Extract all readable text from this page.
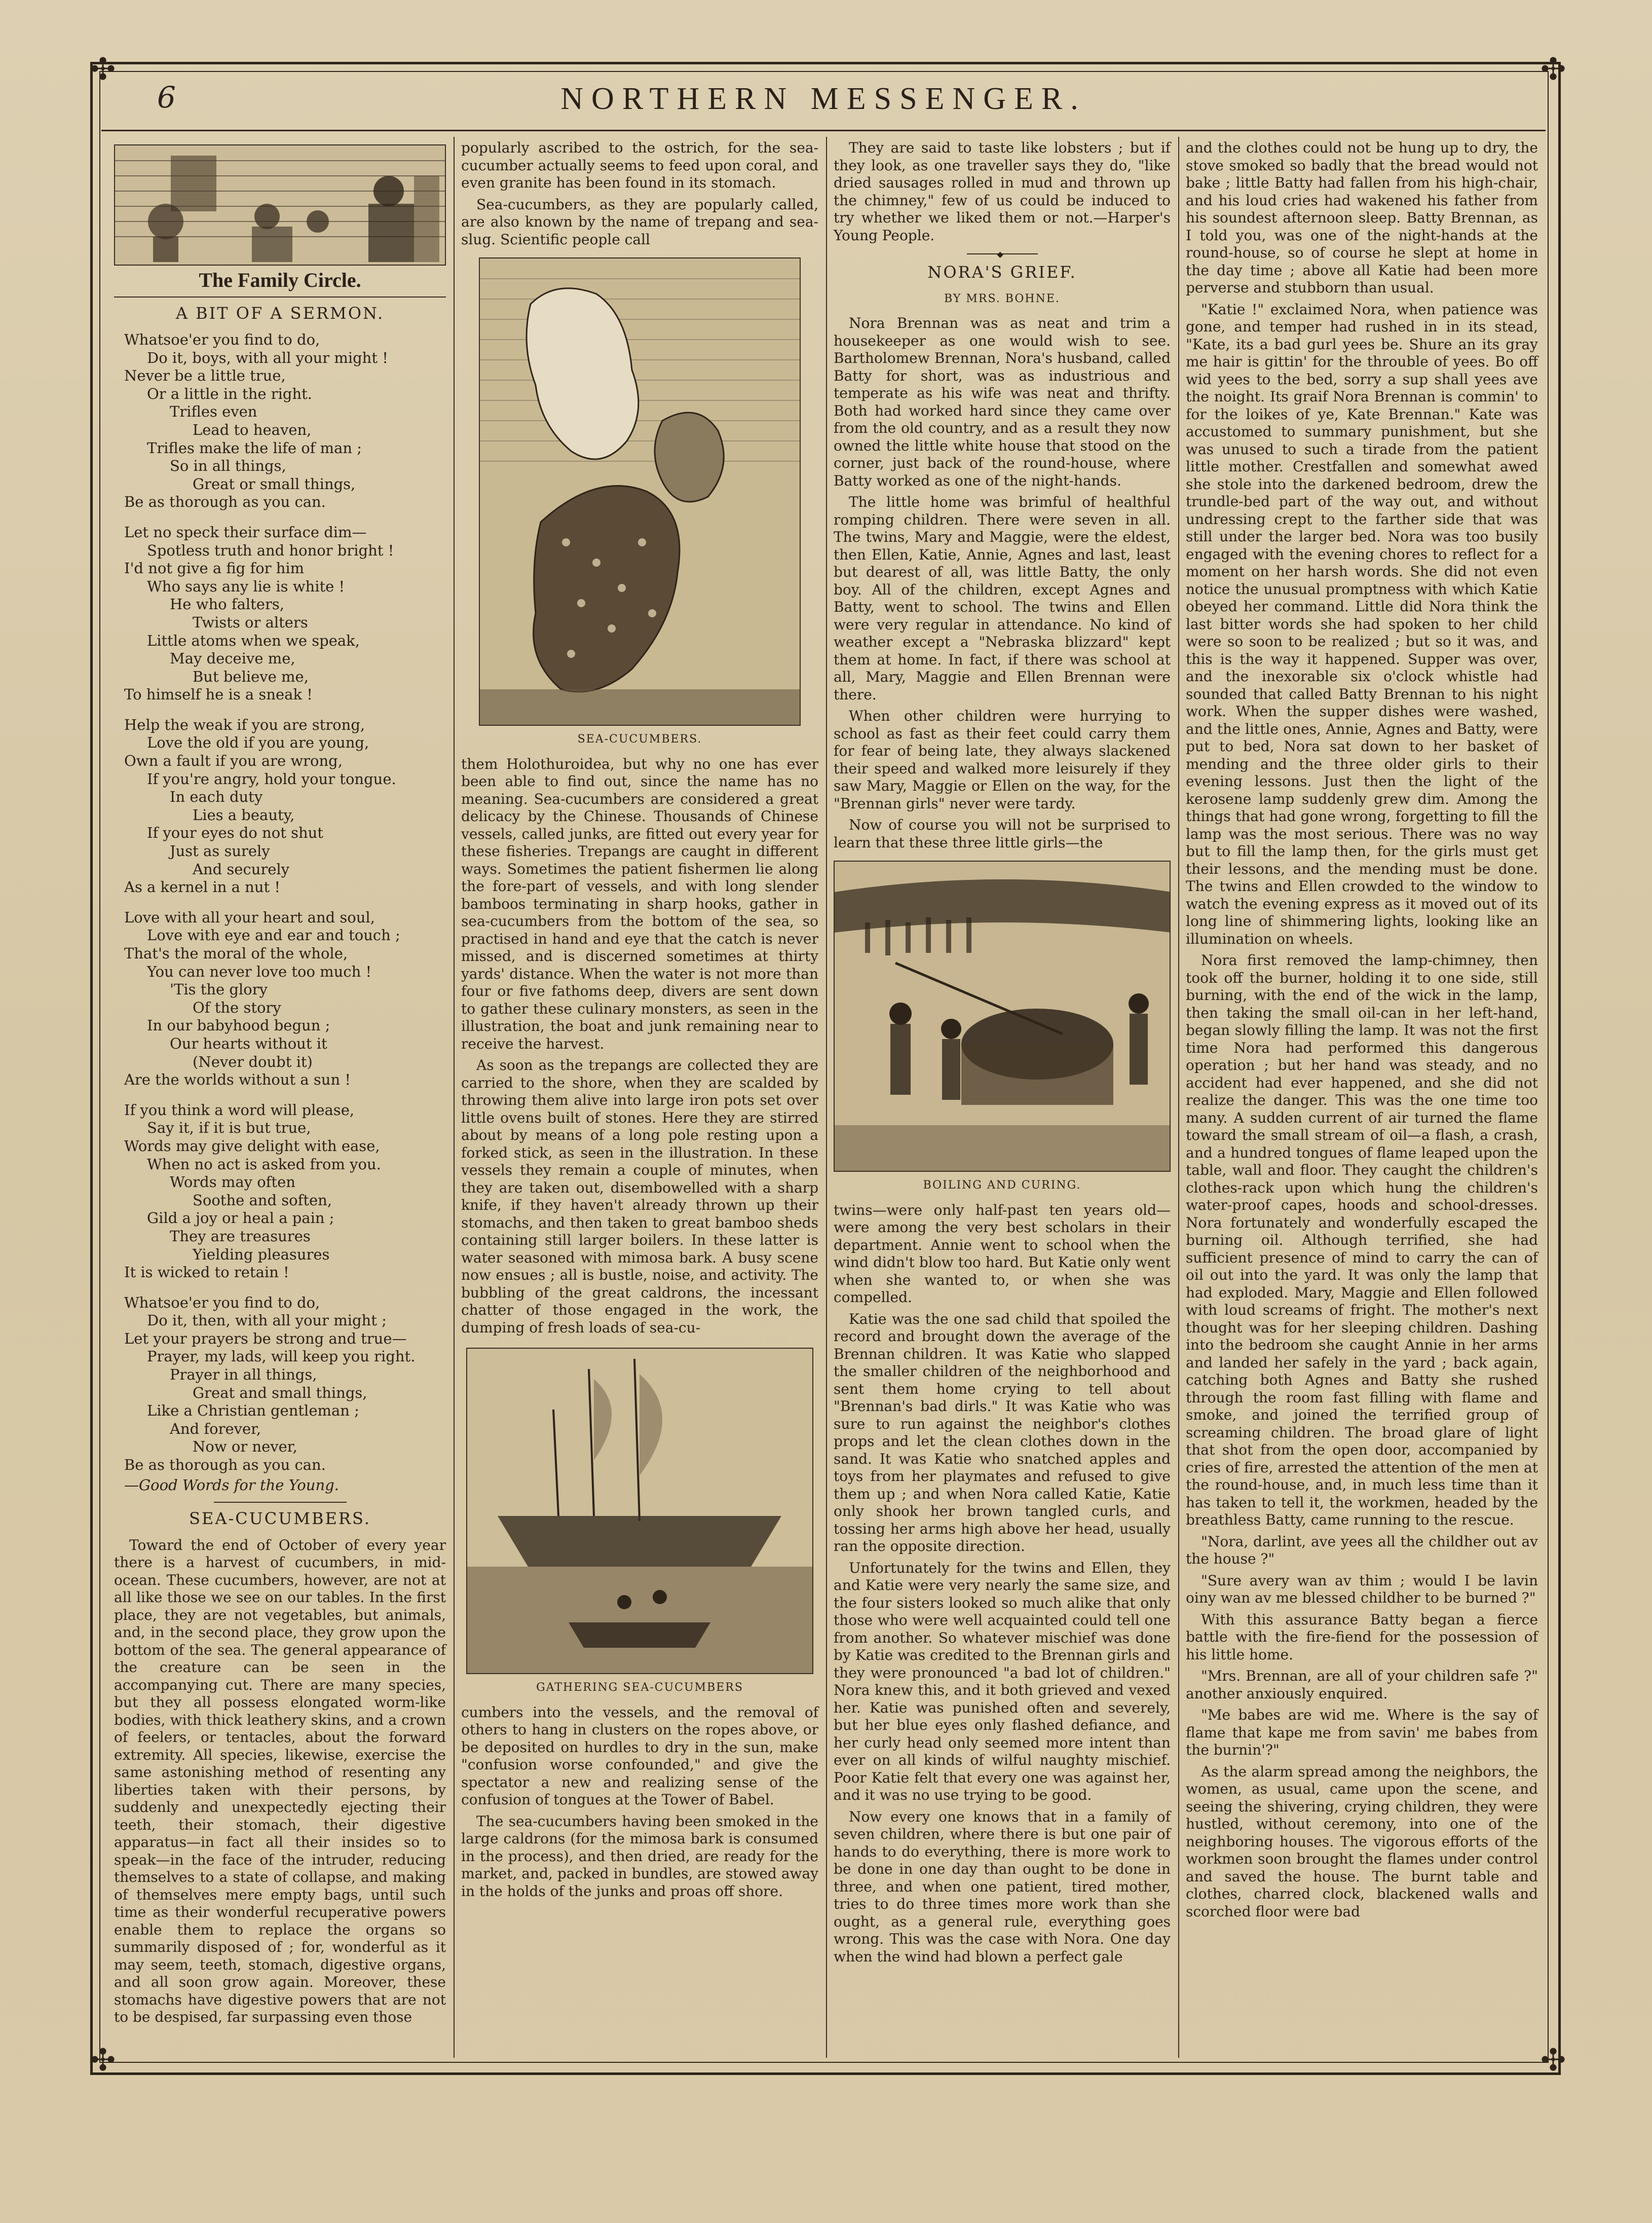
✣	✣
✣	✣
6	NORTHERN MESSENGER.
The Family Circle.
A BIT OF A SERMON.
Whatsoe'er you find to do,
Do it, boys, with all your might !
Never be a little true,
Or a little in the right.
Trifles even
Lead to heaven,
Trifles make the life of man ;
So in all things,
Great or small things,
Be as thorough as you can.
Let no speck their surface dim—
Spotless truth and honor bright !
I'd not give a fig for him
Who says any lie is white !
He who falters,
Twists or alters
Little atoms when we speak,
May deceive me,
But believe me,
To himself he is a sneak !
Help the weak if you are strong,
Love the old if you are young,
Own a fault if you are wrong,
If you're angry, hold your tongue.
In each duty
Lies a beauty,
If your eyes do not shut
Just as surely
And securely
As a kernel in a nut !
Love with all your heart and soul,
Love with eye and ear and touch ;
That's the moral of the whole,
You can never love too much !
'Tis the glory
Of the story
In our babyhood begun ;
Our hearts without it
(Never doubt it)
Are the worlds without a sun !
If you think a word will please,
Say it, if it is but true,
Words may give delight with ease,
When no act is asked from you.
Words may often
Soothe and soften,
Gild a joy or heal a pain ;
They are treasures
Yielding pleasures
It is wicked to retain !
Whatsoe'er you find to do,
Do it, then, with all your might ;
Let your prayers be strong and true—
Prayer, my lads, will keep you right.
Prayer in all things,
Great and small things,
Like a Christian gentleman ;
And forever,
Now or never,
Be as thorough as you can.
—Good Words for the Young.
SEA-CUCUMBERS.

Toward the end of October of every year there is a harvest of cucumbers, in mid-ocean. These cucumbers, however, are not at all like those we see on our tables. In the first place, they are not vegetables, but animals, and, in the second place, they grow upon the bottom of the sea. The general appearance of the creature can be seen in the accompanying cut. There are many species, but they all possess elongated worm-like bodies, with thick leathery skins, and a crown of feelers, or tentacles, about the forward extremity. All species, likewise, exercise the same astonishing method of resenting any liberties taken with their persons, by suddenly and unexpectedly ejecting their teeth, their stomach, their digestive apparatus—in fact all their insides so to speak—in the face of the intruder, reducing themselves to a state of collapse, and making of themselves mere empty bags, until such time as their wonderful recuperative powers enable them to replace the organs so summarily disposed of ; for, wonderful as it may seem, teeth, stomach, digestive organs, and all soon grow again. Moreover, these stomachs have digestive powers that are not to be despised, far surpassing even those

popularly ascribed to the ostrich, for the sea-cucumber actually seems to feed upon coral, and even granite has been found in its stomach.

Sea-cucumbers, as they are popularly called, are also known by the name of trepang and sea-slug. Scientific people call

SEA-CUCUMBERS.

them Holothuroidea, but why no one has ever been able to find out, since the name has no meaning. Sea-cucumbers are considered a great delicacy by the Chinese. Thousands of Chinese vessels, called junks, are fitted out every year for these fisheries. Trepangs are caught in different ways. Sometimes the patient fishermen lie along the fore-part of vessels, and with long slender bamboos terminating in sharp hooks, gather in sea-cucumbers from the bottom of the sea, so practised in hand and eye that the catch is never missed, and is discerned sometimes at thirty yards' distance. When the water is not more than four or five fathoms deep, divers are sent down to gather these culinary monsters, as seen in the illustration, the boat and junk remaining near to receive the harvest.

As soon as the trepangs are collected they are carried to the shore, when they are scalded by throwing them alive into large iron pots set over little ovens built of stones. Here they are stirred about by means of a long pole resting upon a forked stick, as seen in the illustration. In these vessels they remain a couple of minutes, when they are taken out, disembowelled with a sharp knife, if they haven't already thrown up their stomachs, and then taken to great bamboo sheds containing still larger boilers. In these latter is water seasoned with mimosa bark. A busy scene now ensues ; all is bustle, noise, and activity. The bubbling of the great caldrons, the incessant chatter of those engaged in the work, the dumping of fresh loads of sea-cu-

GATHERING SEA-CUCUMBERS

cumbers into the vessels, and the removal of others to hang in clusters on the ropes above, or be deposited on hurdles to dry in the sun, make "confusion worse confounded," and give the spectator a new and realizing sense of the confusion of tongues at the Tower of Babel.

The sea-cucumbers having been smoked in the large caldrons (for the mimosa bark is consumed in the process), and then dried, are ready for the market, and, packed in bundles, are stowed away in the holds of the junks and proas off shore.

They are said to taste like lobsters ; but if they look, as one traveller says they do, "like dried sausages rolled in mud and thrown up the chimney," few of us could be induced to try whether we liked them or not.—Harper's Young People.

◆
NORA'S GRIEF.
BY MRS. BOHNE.

Nora Brennan was as neat and trim a housekeeper as one would wish to see. Bartholomew Brennan, Nora's husband, called Batty for short, was as industrious and temperate as his wife was neat and thrifty. Both had worked hard since they came over from the old country, and as a result they now owned the little white house that stood on the corner, just back of the round-house, where Batty worked as one of the night-hands.

The little home was brimful of healthful romping children. There were seven in all. The twins, Mary and Maggie, were the eldest, then Ellen, Katie, Annie, Agnes and last, least but dearest of all, was little Batty, the only boy. All of the children, except Agnes and Batty, went to school. The twins and Ellen were very regular in attendance. No kind of weather except a "Nebraska blizzard" kept them at home. In fact, if there was school at all, Mary, Maggie and Ellen Brennan were there.

When other children were hurrying to school as fast as their feet could carry them for fear of being late, they always slackened their speed and walked more leisurely if they saw Mary, Maggie or Ellen on the way, for the "Brennan girls" never were tardy.

Now of course you will not be surprised to learn that these three little girls—the

BOILING AND CURING.

twins—were only half-past ten years old—were among the very best scholars in their department. Annie went to school when the wind didn't blow too hard. But Katie only went when she wanted to, or when she was compelled.

Katie was the one sad child that spoiled the record and brought down the average of the Brennan children. It was Katie who slapped the smaller children of the neighborhood and sent them home crying to tell about "Brennan's bad dirls." It was Katie who was sure to run against the neighbor's clothes props and let the clean clothes down in the sand. It was Katie who snatched apples and toys from her playmates and refused to give them up ; and when Nora called Katie, Katie only shook her brown tangled curls, and tossing her arms high above her head, usually ran the opposite direction.

Unfortunately for the twins and Ellen, they and Katie were very nearly the same size, and the four sisters looked so much alike that only those who were well acquainted could tell one from another. So whatever mischief was done by Katie was credited to the Brennan girls and they were pronounced "a bad lot of children." Nora knew this, and it both grieved and vexed her. Katie was punished often and severely, but her blue eyes only flashed defiance, and her curly head only seemed more intent than ever on all kinds of wilful naughty mischief. Poor Katie felt that every one was against her, and it was no use trying to be good.

Now every one knows that in a family of seven children, where there is but one pair of hands to do everything, there is more work to be done in one day than ought to be done in three, and when one patient, tired mother, tries to do three times more work than she ought, as a general rule, everything goes wrong. This was the case with Nora. One day when the wind had blown a perfect gale

and the clothes could not be hung up to dry, the stove smoked so badly that the bread would not bake ; little Batty had fallen from his high-chair, and his loud cries had wakened his father from his soundest afternoon sleep. Batty Brennan, as I told you, was one of the night-hands at the round-house, so of course he slept at home in the day time ; above all Katie had been more perverse and stubborn than usual.

"Katie !" exclaimed Nora, when patience was gone, and temper had rushed in in its stead, "Kate, its a bad gurl yees be. Shure an its gray me hair is gittin' for the throuble of yees. Bo off wid yees to the bed, sorry a sup shall yees ave the noight. Its graif Nora Brennan is commin' to for the loikes of ye, Kate Brennan." Kate was accustomed to summary punishment, but she was unused to such a tirade from the patient little mother. Crestfallen and somewhat awed she stole into the darkened bedroom, drew the trundle-bed part of the way out, and without undressing crept to the farther side that was still under the larger bed. Nora was too busily engaged with the evening chores to reflect for a moment on her harsh words. She did not even notice the unusual promptness with which Katie obeyed her command. Little did Nora think the last bitter words she had spoken to her child were so soon to be realized ; but so it was, and this is the way it happened. Supper was over, and the inexorable six o'clock whistle had sounded that called Batty Brennan to his night work. When the supper dishes were washed, and the little ones, Annie, Agnes and Batty, were put to bed, Nora sat down to her basket of mending and the three older girls to their evening lessons. Just then the light of the kerosene lamp suddenly grew dim. Among the things that had gone wrong, forgetting to fill the lamp was the most serious. There was no way but to fill the lamp then, for the girls must get their lessons, and the mending must be done. The twins and Ellen crowded to the window to watch the evening express as it moved out of its long line of shimmering lights, looking like an illumination on wheels.

Nora first removed the lamp-chimney, then took off the burner, holding it to one side, still burning, with the end of the wick in the lamp, then taking the small oil-can in her left-hand, began slowly filling the lamp. It was not the first time Nora had performed this dangerous operation ; but her hand was steady, and no accident had ever happened, and she did not realize the danger. This was the one time too many. A sudden current of air turned the flame toward the small stream of oil—a flash, a crash, and a hundred tongues of flame leaped upon the table, wall and floor. They caught the children's clothes-rack upon which hung the children's water-proof capes, hoods and school-dresses. Nora fortunately and wonderfully escaped the burning oil. Although terrified, she had sufficient presence of mind to carry the can of oil out into the yard. It was only the lamp that had exploded. Mary, Maggie and Ellen followed with loud screams of fright. The mother's next thought was for her sleeping children. Dashing into the bedroom she caught Annie in her arms and landed her safely in the yard ; back again, catching both Agnes and Batty she rushed through the room fast filling with flame and smoke, and joined the terrified group of screaming children. The broad glare of light that shot from the open door, accompanied by cries of fire, arrested the attention of the men at the round-house, and, in much less time than it has taken to tell it, the workmen, headed by the breathless Batty, came running to the rescue.

"Nora, darlint, ave yees all the childher out av the house ?"

"Sure avery wan av thim ; would I be lavin oiny wan av me blessed childher to be burned ?"

With this assurance Batty began a fierce battle with the fire-fiend for the possession of his little home.

"Mrs. Brennan, are all of your children safe ?" another anxiously enquired.

"Me babes are wid me. Where is the say of flame that kape me from savin' me babes from the burnin'?"

As the alarm spread among the neighbors, the women, as usual, came upon the scene, and seeing the shivering, crying children, they were hustled, without ceremony, into one of the neighboring houses. The vigorous efforts of the workmen soon brought the flames under control and saved the house. The burnt table and clothes, charred clock, blackened walls and scorched floor were bad
